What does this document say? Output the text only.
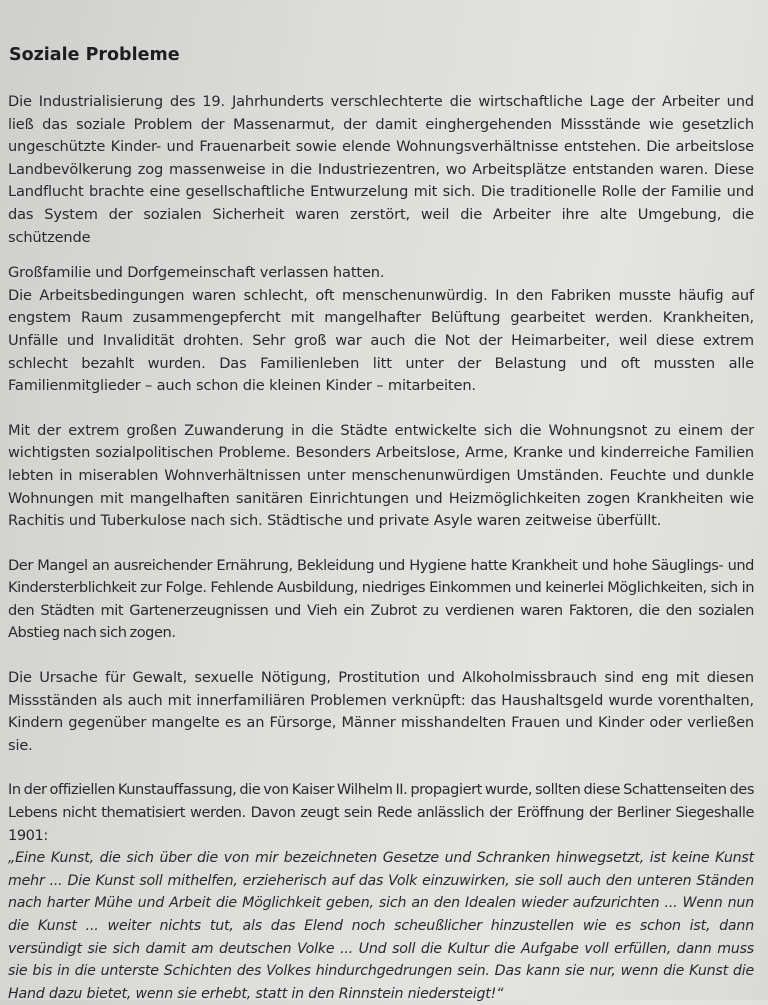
Soziale Probleme

Die Industrialisierung des 19. Jahrhunderts verschlechterte die wirtschaftliche Lage der Arbeiter und ließ das soziale Problem der Massenarmut, der damit einghergehenden Missstände wie gesetzlich ungeschützte Kinder- und Frauenarbeit sowie elende Wohnungsverhältnisse entstehen. Die arbeitslose Landbevölkerung zog massenweise in die Industriezentren, wo Arbeitsplätze entstanden waren. Diese Landflucht brachte eine gesellschaftliche Entwurzelung mit sich. Die traditionelle Rolle der Familie und das System der sozialen Sicherheit waren zerstört, weil die Arbeiter ihre alte Umgebung, die schützende

Großfamilie und Dorfgemeinschaft verlassen hatten.

Die Arbeitsbedingungen waren schlecht, oft menschenunwürdig. In den Fabriken musste häufig auf engstem Raum zusammengepfercht mit mangelhafter Belüftung gearbeitet werden. Krankheiten, Unfälle und Invalidität drohten. Sehr groß war auch die Not der Heimarbeiter, weil diese extrem schlecht bezahlt wurden. Das Familienleben litt unter der Belastung und oft mussten alle Familienmitglieder – auch schon die kleinen Kinder – mitarbeiten.

Mit der extrem großen Zuwanderung in die Städte entwickelte sich die Wohnungsnot zu einem der wichtigsten sozialpolitischen Probleme. Besonders Arbeitslose, Arme, Kranke und kinderreiche Familien lebten in miserablen Wohnverhältnissen unter menschenunwürdigen Umständen. Feuchte und dunkle Wohnungen mit mangelhaften sanitären Einrichtungen und Heizmöglichkeiten zogen Krankheiten wie Rachitis und Tuberkulose nach sich. Städtische und private Asyle waren zeitweise überfüllt.

Der Mangel an ausreichender Ernährung, Bekleidung und Hygiene hatte Krankheit und hohe Säuglings- und Kindersterblichkeit zur Folge. Fehlende Ausbildung, niedriges Einkommen und keinerlei Möglichkeiten, sich in den Städten mit Gartenerzeugnissen und Vieh ein Zubrot zu verdienen waren Faktoren, die den sozialen Abstieg nach sich zogen.

Die Ursache für Gewalt, sexuelle Nötigung, Prostitution und Alkoholmissbrauch sind eng mit diesen Missständen als auch mit innerfamiliären Problemen verknüpft: das Haushaltsgeld wurde vorenthalten, Kindern gegenüber mangelte es an Fürsorge, Männer misshandelten Frauen und Kinder oder verließen sie.

In der offiziellen Kunstauffassung, die von Kaiser Wilhelm II. propagiert wurde, sollten diese Schattenseiten des Lebens nicht thematisiert werden. Davon zeugt sein Rede anlässlich der Eröffnung der Berliner Siegeshalle 1901:

„Eine Kunst, die sich über die von mir bezeichneten Gesetze und Schranken hinwegsetzt, ist keine Kunst mehr ... Die Kunst soll mithelfen, erzieherisch auf das Volk einzuwirken, sie soll auch den unteren Ständen nach harter Mühe und Arbeit die Möglichkeit geben, sich an den Idealen wieder aufzurichten ... Wenn nun die Kunst ... weiter nichts tut, als das Elend noch scheußlicher hinzustellen wie es schon ist, dann versündigt sie sich damit am deutschen Volke ... Und soll die Kultur die Aufgabe voll erfüllen, dann muss sie bis in die unterste Schichten des Volkes hindurchgedrungen sein. Das kann sie nur, wenn die Kunst die Hand dazu bietet, wenn sie erhebt, statt in den Rinnstein niedersteigt!“
